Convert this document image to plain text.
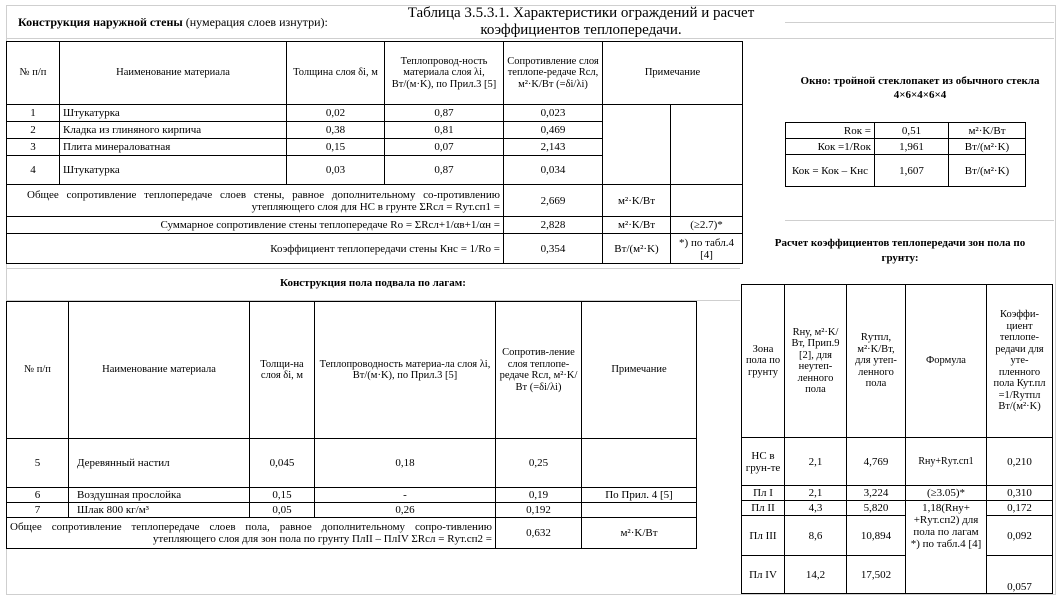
Конструкция наружной стены (нумерация слоев изнутри):
Таблица 3.5.3.1. Характеристики ограждений и расчет коэффициентов теплопередачи.
№ п/п	Наименование материала	Толщина слоя δi, м	Теплопровод-ность материала слоя λi, Вт/(м·K), по Прил.3 [5]	Сопротивление слоя теплопе-редаче Rсл, м²·K/Вт (=δi/λi)	Примечание	
1	Штукатурка	0,02	0,87	0,023		
2	Кладка из глиняного кирпича	0,38	0,81	0,469		
3	Плита минераловатная	0,15	0,07	2,143		
4	Штукатурка	0,03	0,87	0,034		
Общее сопротивление теплопередаче слоев стены, равное дополнительному со-противлению утепляющего слоя для НС в грунте ΣRсл = Rут.сп1 =				2,669	м²·K/Вт	
Суммарное сопротивление стены теплопередаче Ro = ΣRсл+1/αв+1/αн =				2,828	м²·K/Вт	(≥2.7)*
Коэффициент теплопередачи стены Кнс = 1/Ro =				0,354	Вт/(м²·K)	*) по табл.4 [4]
Окно: тройной стеклопакет из обычного стекла 4×6×4×6×4
Rок =	0,51	м²·K/Вт
Кок =1/Rок	1,961	Вт/(м²·K)
Кок = Кок – Кнс	1,607	Вт/(м²·K)
Конструкция пола подвала по лагам:
№ п/п	Наименование материала	Толщи-на слоя δi, м	Теплопроводность материа-ла слоя λi, Вт/(м·K), по Прил.3 [5]	Сопротив-ление слоя теплопе-редаче Rсл, м²·K/Вт (=δi/λi)	Примечание
5	Деревянный настил	0,045	0,18	0,25	
6	Воздушная прослойка	0,15	-	0,19	По Прил. 4 [5]
7	Шлак 800 кг/м³	0,05	0,26	0,192	
Общее сопротивление теплопередаче слоев пола, равное дополнительному сопро-тивлению утепляющего слоя для зон пола по грунту ПлII – ПлIV ΣRсл = Rут.сп2 =				0,632	м²·K/Вт
Расчет коэффициентов теплопередачи зон пола по грунту:
Зона пола по грунту	Rну, м²·K/Вт, Прип.9 [2], для неутеп-ленного пола	Rутпл, м²·K/Вт, для утеп-ленного пола	Формула	Коэффи-циент теплопе-редачи для уте-пленного пола Кут.пл =1/Rутпл Вт/(м²·K)
НС в грун-те	2,1	4,769	Rну+Rут.сп1	0,210
Пл I	2,1	3,224	(≥3.05)*	0,310
Пл II	4,3	5,820	1,18(Rну+ +Rут.сп2) для пола по лагам *) по табл.4 [4]	0,172
Пл III	8,6	10,894		0,092
Пл IV	14,2	17,502		0,057
